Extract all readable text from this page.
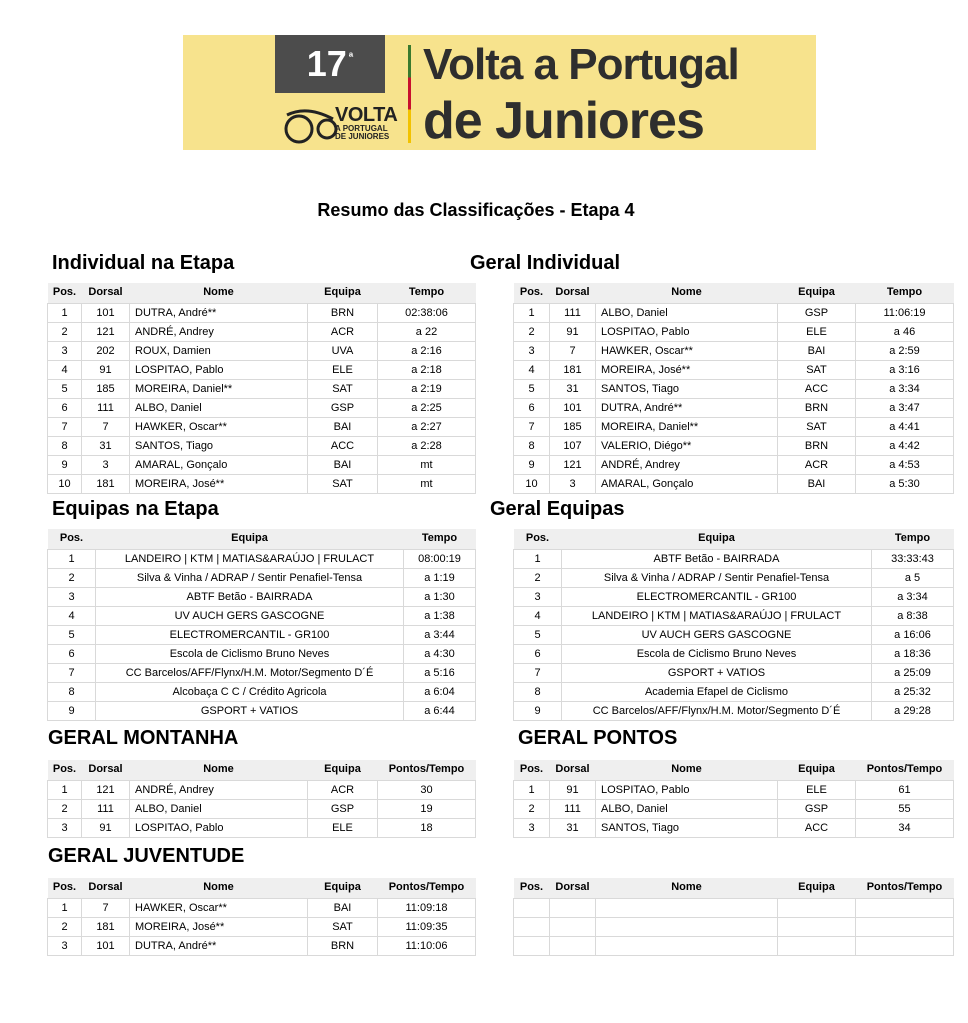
17 ª
VOLTA
A PORTUGAL
DE JUNIORES
Volta a Portugal
de Juniores
Resumo das Classificações - Etapa 4
Individual na Etapa	Geral Individual
Equipas na Etapa	Geral Equipas
GERAL MONTANHA	GERAL PONTOS
GERAL JUVENTUDE
Pos.	Dorsal	Nome	Equipa	Tempo

1	101	DUTRA, André**	BRN	02:38:06
2	121	ANDRÉ, Andrey	ACR	a 22
3	202	ROUX, Damien	UVA	a 2:16
4	91	LOSPITAO, Pablo	ELE	a 2:18
5	185	MOREIRA, Daniel**	SAT	a 2:19
6	111	ALBO, Daniel	GSP	a 2:25
7	7	HAWKER, Oscar**	BAI	a 2:27
8	31	SANTOS, Tiago	ACC	a 2:28
9	3	AMARAL, Gonçalo	BAI	mt
10	181	MOREIRA, José**	SAT	mt
Pos.	Dorsal	Nome	Equipa	Tempo

1	111	ALBO, Daniel	GSP	11:06:19
2	91	LOSPITAO, Pablo	ELE	a 46
3	7	HAWKER, Oscar**	BAI	a 2:59
4	181	MOREIRA, José**	SAT	a 3:16
5	31	SANTOS, Tiago	ACC	a 3:34
6	101	DUTRA, André**	BRN	a 3:47
7	185	MOREIRA, Daniel**	SAT	a 4:41
8	107	VALERIO, Diégo**	BRN	a 4:42
9	121	ANDRÉ, Andrey	ACR	a 4:53
10	3	AMARAL, Gonçalo	BAI	a 5:30
Pos.	Equipa	Tempo

1	LANDEIRO | KTM | MATIAS&ARAÚJO | FRULACT	08:00:19
2	Silva & Vinha / ADRAP / Sentir Penafiel-Tensa	a 1:19
3	ABTF Betão - BAIRRADA	a 1:30
4	UV AUCH GERS GASCOGNE	a 1:38
5	ELECTROMERCANTIL - GR100	a 3:44
6	Escola de Ciclismo Bruno Neves	a 4:30
7	CC Barcelos/AFF/Flynx/H.M. Motor/Segmento D´É	a 5:16
8	Alcobaça C C / Crédito Agricola	a 6:04
9	GSPORT + VATIOS	a 6:44
Pos.	Equipa	Tempo

1	ABTF Betão - BAIRRADA	33:33:43
2	Silva & Vinha / ADRAP / Sentir Penafiel-Tensa	a 5
3	ELECTROMERCANTIL - GR100	a 3:34
4	LANDEIRO | KTM | MATIAS&ARAÚJO | FRULACT	a 8:38
5	UV AUCH GERS GASCOGNE	a 16:06
6	Escola de Ciclismo Bruno Neves	a 18:36
7	GSPORT + VATIOS	a 25:09
8	Academia Efapel de Ciclismo	a 25:32
9	CC Barcelos/AFF/Flynx/H.M. Motor/Segmento D´É	a 29:28
Pos.	Dorsal	Nome	Equipa	Pontos/Tempo

1	121	ANDRÉ, Andrey	ACR	30
2	111	ALBO, Daniel	GSP	19
3	91	LOSPITAO, Pablo	ELE	18
Pos.	Dorsal	Nome	Equipa	Pontos/Tempo

1	91	LOSPITAO, Pablo	ELE	61
2	111	ALBO, Daniel	GSP	55
3	31	SANTOS, Tiago	ACC	34
Pos.	Dorsal	Nome	Equipa	Pontos/Tempo

1	7	HAWKER, Oscar**	BAI	11:09:18
2	181	MOREIRA, José**	SAT	11:09:35
3	101	DUTRA, André**	BRN	11:10:06
Pos.	Dorsal	Nome	Equipa	Pontos/Tempo
